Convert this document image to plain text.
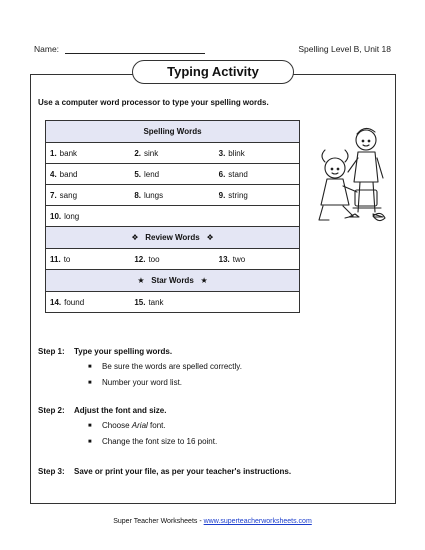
Name:	Spelling Level B, Unit 18
Typing Activity
Use a computer word processor to type your spelling words.
Spelling Words

1. bank	2. sink	3. blink

4. band	5. lend	6. stand

7. sang	8. lungs	9. string

10. long

❖ Review Words ❖

11. to	12. too	13. two

★ Star Words ★

14. found	15. tank
Step 1:	Type your spelling words.
■	Be sure the words are spelled correctly.
■	Number your word list.
Step 2:	Adjust the font and size.
■	Choose Arial font.
■	Change the font size to 16 point.
Step 3:	Save or print your file, as per your teacher's instructions.
Super Teacher Worksheets - www.superteacherworksheets.com
